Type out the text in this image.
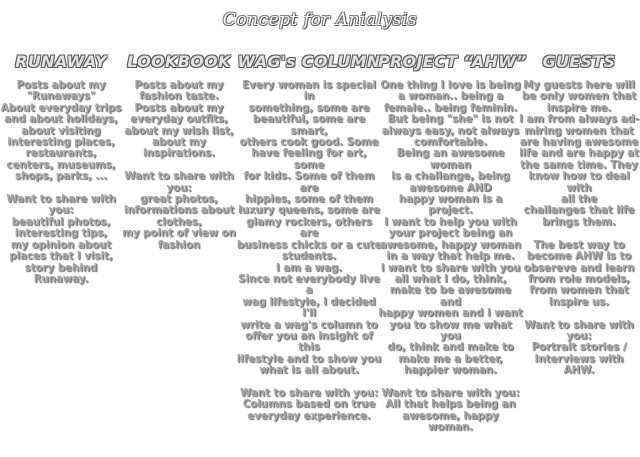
Concept for Anialysis
RUNAWAY
Posts about my
"Runaways"
About everyday trips
and about holidays,
about visiting
interesting places,
restaurants,
centers, museums,
shops, parks, ...

Want to share with
you:
beautiful photos,
interesting tips,
my opinion about
places that I visit,
story behind Runaway.
LOOKBOOK
Posts about my
fashion taste.
Posts about my
everyday outfits,
about my wish list,
about my
inspirations.

Want to share with
you:
great photos,
informations about
clothes,
my point of view on
fashion
WAG's COLUMN
Every woman is special in
something, some are
beautiful, some are smart,
others cook good. Some
have feeling for art, some
for kids. Some of them are
hippies, some of them
luxury queens, some are
glamy rockers, others are
business chicks or a cute
students.
I am a wag.
Since not everybody live a
wag lifestyle, I decided I'll
write a wag's column to
offer you an insight of this
lifestyle and to show you
what is all about.

Want to share with you:
Columns based on true
everyday experience.
PROJECT “AHW”
One thing I love is being
a woman.. being a
female.. being feminin.
But being "she" is not
always easy, not always
comfortable.
Being an awesome woman
is a challange, being
awesome AND
happy woman is a
project.
I want to help you with
your project being an
awesome, happy woman
in a way that help me.
I want to share with you
all what I do, think,
make to be awesome and
happy women and I want
you to show me what you
do, think and make to
make me a better,
happier woman.

Want to share with you:
All that helps being an
awesome, happy woman.
GUESTS
My guests here will
be only women that
inspire me.
I am from always ad-
miring women that
are having awesome
life and are happy at
the same time. They
know how to deal with
all the
challanges that life
brings them.

The best way to
become AHW is to
obsereve and learn
from role models,
from women that
inspire us.

Want to share with
you:
Portrait stories /
Interviews with
AHW.
